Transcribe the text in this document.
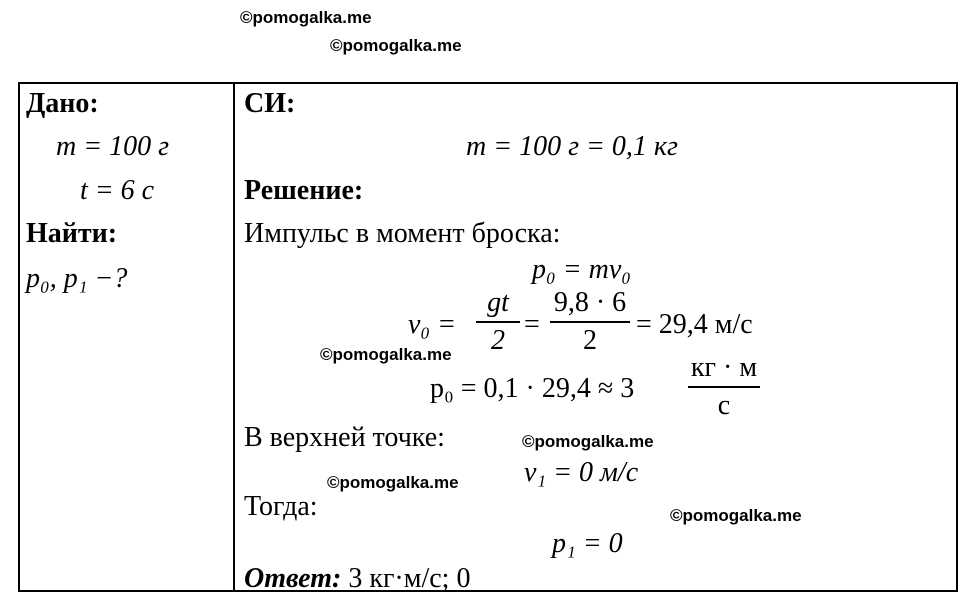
©pomogalka.me
©pomogalka.me
©pomogalka.me
©pomogalka.me
©pomogalka.me
©pomogalka.me
Дано:
m = 100 г
t = 6 с
Найти:
p₀, p₁ −?
СИ:
m = 100 г = 0,1 кг
Решение:
Импульс в момент броска:
p₀ = mv₀
v₀ =
gt
2
=
9,8 · 6
2
= 29,4 м/с
p₀ = 0,1 · 29,4 ≈ 3
кг · м
с
В верхней точке:
v₁ = 0 м/с
Тогда:
p₁ = 0
Ответ: 3 кг·м/с; 0
